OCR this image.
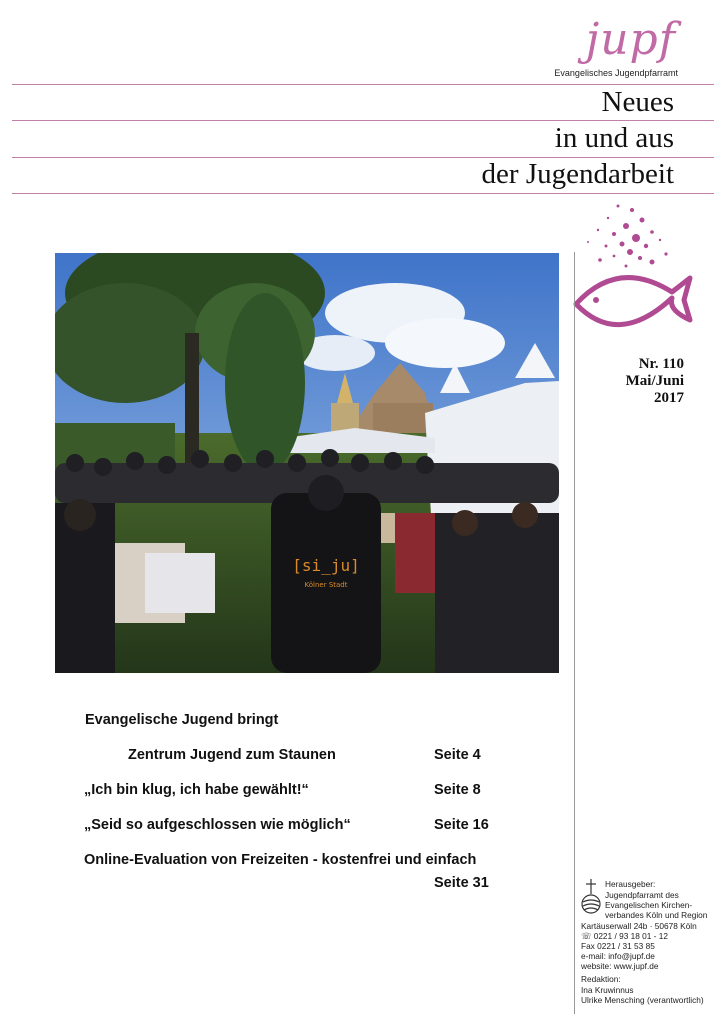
jupf
Evangelisches Jugendpfarramt
Neues
in und aus
der Jugendarbeit
Nr. 110
Mai/Juni
2017
[si_ju]
Kölner Stadt
Evangelische Jugend bringt
Zentrum Jugend zum Staunen	Seite 4
„Ich bin klug, ich habe gewählt!“	Seite 8
„Seid so aufgeschlossen wie möglich“	Seite 16
Online-Evaluation von Freizeiten - kostenfrei und einfach
Seite 31	Herausgeber:
Jugendpfarramt des
Evangelischen Kirchen-
verbandes Köln und Region
Kartäuserwall 24b · 50678 Köln
☏ 0221 / 93 18 01 - 12
Fax 0221 / 31 53 85
e-mail: info@jupf.de
website: www.jupf.de
Redaktion:
Ina Kruwinnus
Ulrike Mensching (verantwortlich)
